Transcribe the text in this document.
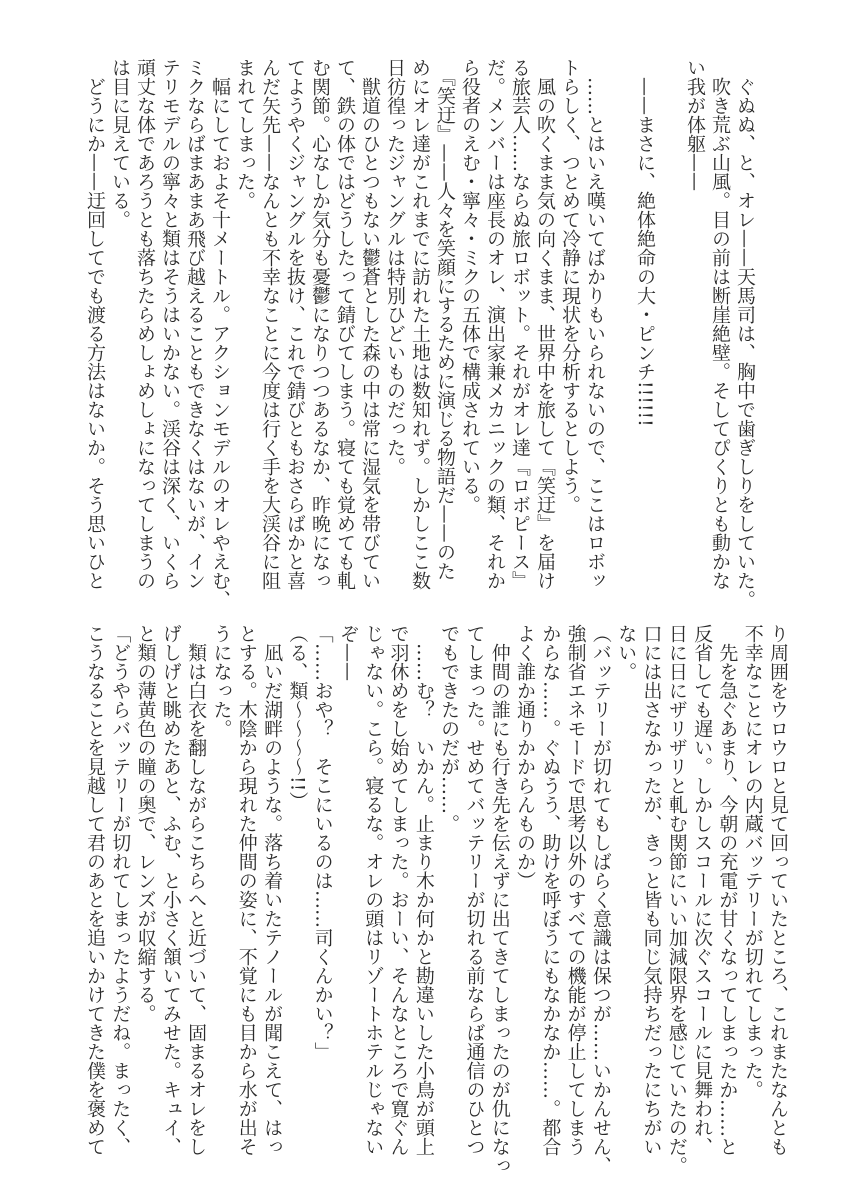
　ぐぬぬ、と、オレ——天馬司は、胸中で歯ぎしりをしていた。
　吹き荒ぶ山風。目の前は断崖絶壁。そしてぴくりとも動かな
い我が体躯——
　——まさに、絶体絶命の大・ピンチ!!!!!!
　……とはいえ嘆いてばかりもいられないので、ここはロボッ
トらしく、つとめて冷静に現状を分析するとしよう。
　風の吹くまま気の向くまま、世界中を旅して『笑迂』を届け
る旅芸人……ならぬ旅ロボット。それがオレ達『ロボピース』
だ。メンバーは座長のオレ、演出家兼メカニックの類、それか
ら役者のえむ・寧々・ミクの五体で構成されている。
　『笑迂』——人々を笑顔にするために演じる物語だ——のた
めにオレ達がこれまでに訪れた土地は数知れず。しかしここ数
日彷徨ったジャングルは特別ひどいものだった。
　獣道のひとつもない鬱蒼とした森の中は常に湿気を帯びてい
て、鉄の体ではどうしたって錆びてしまう。寝ても覚めても軋
む関節。心なしか気分も憂鬱になりつつあるなか、昨晩になっ
てようやくジャングルを抜け、これで錆びともおさらばかと喜
んだ矢先——なんとも不幸なことに今度は行く手を大渓谷に阻
まれてしまった。
　幅にしておよそ十メートル。アクションモデルのオレやえむ、
ミクならばまあまあ飛び越えることもできなくはないが、イン
テリモデルの寧々と類はそうはいかない。渓谷は深く、いくら
頑丈な体であろうとも落ちたらめしょめしょになってしまうの
は目に見えている。
　どうにか——迂回してでも渡る方法はないか。そう思いひと
り周囲をウロウロと見て回っていたところ、これまたなんとも
不幸なことにオレの内蔵バッテリーが切れてしまった。
　先を急ぐあまり、今朝の充電が甘くなってしまったか……と
反省しても遅い。しかしスコールに次ぐスコールに見舞われ、
日に日にザリザリと軋む関節にいい加減限界を感じていたのだ。
口には出さなかったが、きっと皆も同じ気持ちだったにちがい
ない。
（バッテリーが切れてもしばらく意識は保つが……いかんせん、
強制省エネモードで思考以外のすべての機能が停止してしまう
からな……。ぐぬうう、助けを呼ぼうにもなかなか……。都合
よく誰か通りかからんものか）
　仲間の誰にも行き先を伝えずに出てきてしまったのが仇になっ
てしまった。せめてバッテリーが切れる前ならば通信のひとつ
でもできたのだが……。
　……む？　いかん。止まり木か何かと勘違いした小鳥が頭上
で羽休めをし始めてしまった。おーい、そんなところで寛ぐん
じゃない。こら。寝るな。オレの頭はリゾートホテルじゃない
ぞ——
「……おや？　そこにいるのは……司くんかい？」
（る、類～～～～!!）
　凪いだ湖畔のような。落ち着いたテノールが聞こえて、はっ
とする。木陰から現れた仲間の姿に、不覚にも目から水が出そ
うになった。
　類は白衣を翻しながらこちらへと近づいて、固まるオレをし
げしげと眺めたあと、ふむ、と小さく頷いてみせた。キュイ、
と類の薄黄色の瞳の奥で、レンズが収縮する。
「どうやらバッテリーが切れてしまったようだね。まったく、
こうなることを見越して君のあとを追いかけてきた僕を褒めて
